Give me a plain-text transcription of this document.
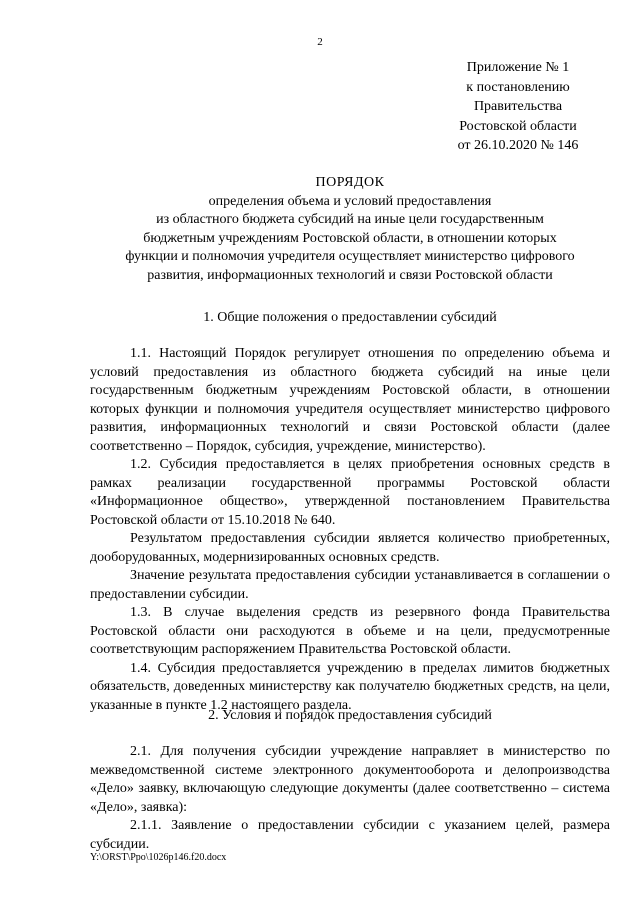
2
Приложение № 1
к постановлению
Правительства
Ростовской области
от 26.10.2020 № 146
ПОРЯДОК
определения объема и условий предоставления
из областного бюджета субсидий на иные цели государственным
бюджетным учреждениям Ростовской области, в отношении которых
функции и полномочия учредителя осуществляет министерство цифрового
развития, информационных технологий и связи Ростовской области
1. Общие положения о предоставлении субсидий

1.1. Настоящий Порядок регулирует отношения по определению объема и условий предоставления из областного бюджета субсидий на иные цели государственным бюджетным учреждениям Ростовской области, в отношении которых функции и полномочия учредителя осуществляет министерство цифрового развития, информационных технологий и связи Ростовской области (далее соответственно – Порядок, субсидия, учреждение, министерство).

1.2. Субсидия предоставляется в целях приобретения основных средств в рамках реализации государственной программы Ростовской области «Информационное общество», утвержденной постановлением Правительства Ростовской области от 15.10.2018 № 640.

Результатом предоставления субсидии является количество приобретенных, дооборудованных, модернизированных основных средств.

Значение результата предоставления субсидии устанавливается в соглашении о предоставлении субсидии.

1.3. В случае выделения средств из резервного фонда Правительства Ростовской области они расходуются в объеме и на цели, предусмотренные соответствующим распоряжением Правительства Ростовской области.

1.4. Субсидия предоставляется учреждению в пределах лимитов бюджетных обязательств, доведенных министерству как получателю бюджетных средств, на цели, указанные в пункте 1.2 настоящего раздела.

2. Условия и порядок предоставления субсидий

2.1. Для получения субсидии учреждение направляет в министерство по межведомственной системе электронного документооборота и делопроизводства «Дело» заявку, включающую следующие документы (далее соответственно – система «Дело», заявка):

2.1.1. Заявление о предоставлении субсидии с указанием целей, размера субсидии.

Y:\ORST\Ppo\1026p146.f20.docx
